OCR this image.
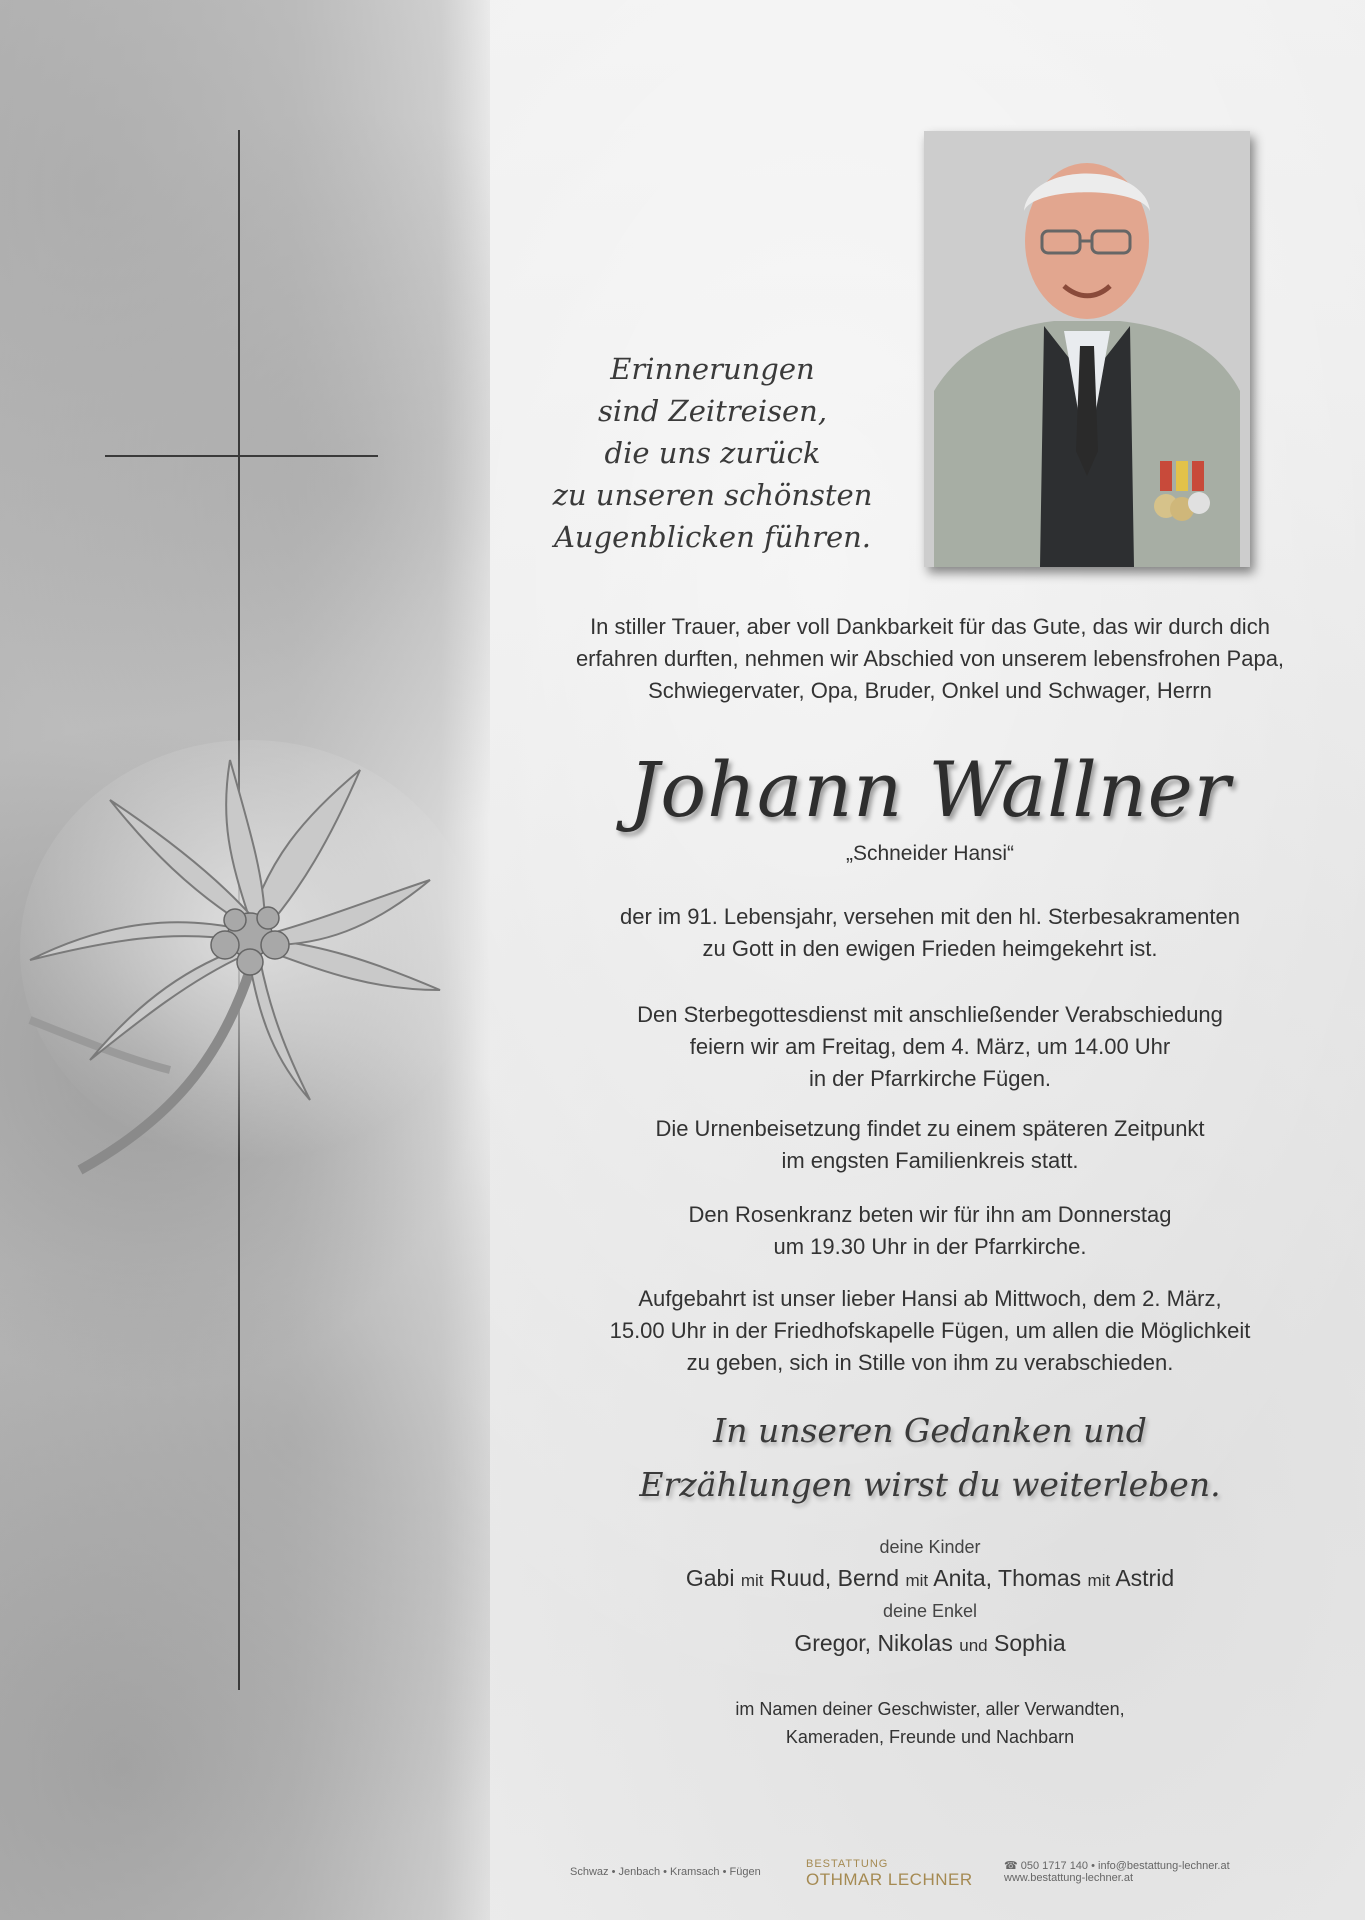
Erinnerungen
sind Zeitreisen,
die uns zurück
zu unseren schönsten
Augenblicken führen.
In stiller Trauer, aber voll Dankbarkeit für das Gute, das wir durch dich
erfahren durften, nehmen wir Abschied von unserem lebensfrohen Papa,
Schwiegervater, Opa, Bruder, Onkel und Schwager, Herrn
Johann Wallner
„Schneider Hansi“
der im 91. Lebensjahr, versehen mit den hl. Sterbesakramenten
zu Gott in den ewigen Frieden heimgekehrt ist.
Den Sterbegottesdienst mit anschließender Verabschiedung
feiern wir am Freitag, dem 4. März, um 14.00 Uhr
in der Pfarrkirche Fügen.
Die Urnenbeisetzung findet zu einem späteren Zeitpunkt
im engsten Familienkreis statt.
Den Rosenkranz beten wir für ihn am Donnerstag
um 19.30 Uhr in der Pfarrkirche.
Aufgebahrt ist unser lieber Hansi ab Mittwoch, dem 2. März,
15.00 Uhr in der Friedhofskapelle Fügen, um allen die Möglichkeit
zu geben, sich in Stille von ihm zu verabschieden.
In unseren Gedanken und
Erzählungen wirst du weiterleben.
deine Kinder
Gabi mit Ruud, Bernd mit Anita, Thomas mit Astrid
deine Enkel
Gregor, Nikolas und Sophia
im Namen deiner Geschwister, aller Verwandten,
Kameraden, Freunde und Nachbarn
Schwaz • Jenbach • Kramsach • Fügen
BESTATTUNG
OTHMAR LECHNER
☎ 050 1717 140 • info@bestattung-lechner.at
www.bestattung-lechner.at
